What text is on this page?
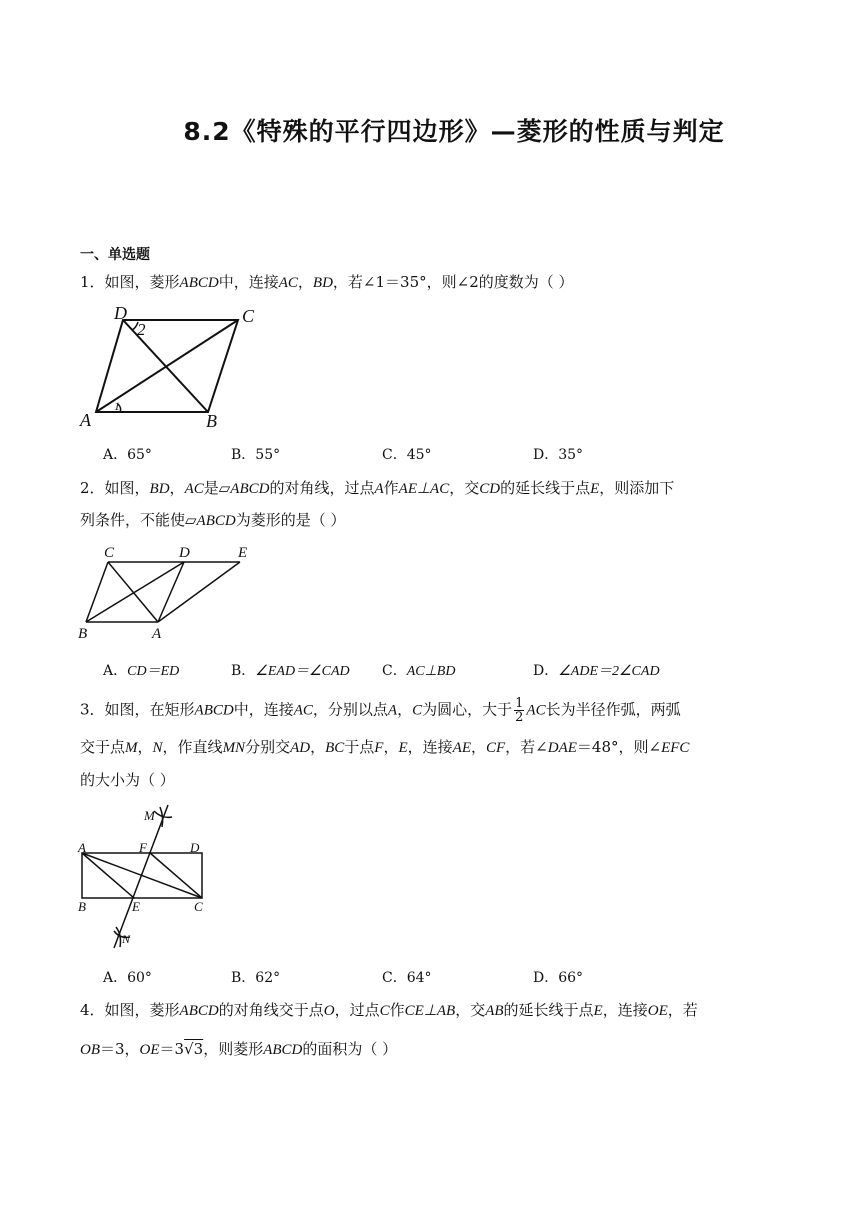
8.2《特殊的平行四边形》—菱形的性质与判定
一、单选题
1．如图，菱形ABCD中，连接AC，BD，若∠1＝35°，则∠2的度数为（ ）
D
2
C
A
1
B
A．65°	B．55°	C．45°	D．35°
2．如图，BD，AC是▱ABCD的对角线，过点A作AE⊥AC，交CD的延长线于点E，则添加下
列条件，不能使▱ABCD为菱形的是（ ）
C	D	E
B	A
A．CD＝ED	B．∠EAD＝∠CAD C．AC⊥BD	D．∠ADE＝2∠CAD
3．如图，在矩形ABCD中，连接AC，分别以点A，C为圆心，大于 $\frac{1}{2}$ AC长为半径作弧，两弧
交于点M，N，作直线MN分别交AD，BC于点F，E，连接AE，CF，若∠DAE＝48°，则∠EFC
的大小为（ ）
M
A	F	D
B	E	C
N
A．60°	B．62°	C．64°	D．66°
4．如图，菱形ABCD的对角线交于点O，过点C作CE⊥AB，交AB的延长线于点E，连接OE，若
OB＝3，OE＝3√3，则菱形ABCD的面积为（ ）
